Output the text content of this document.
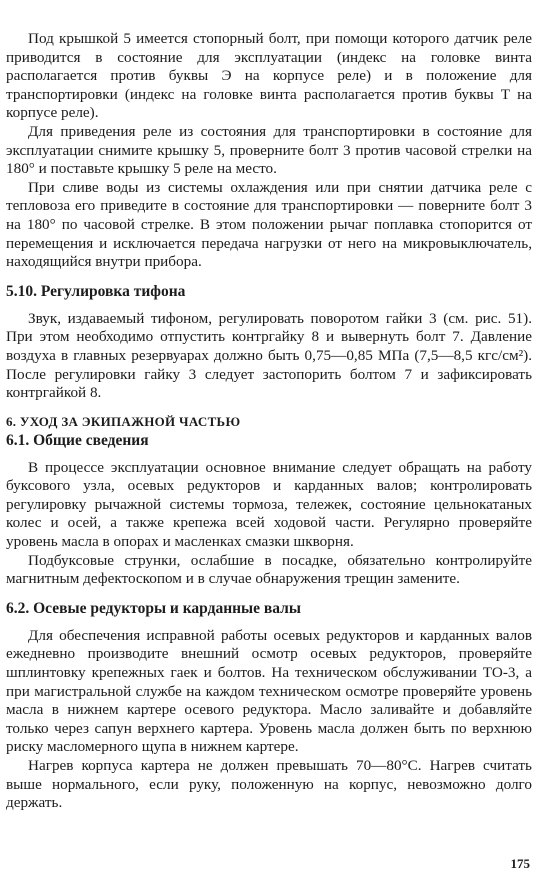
Под крышкой 5 имеется стопорный болт, при помощи которого датчик реле приводится в состояние для эксплуатации (индекс на головке винта располагается против буквы Э на корпусе реле) и в положение для транспортировки (индекс на головке винта располагается против буквы Т на корпусе реле).

Для приведения реле из состояния для транспортировки в состояние для эксплуатации снимите крышку 5, проверните болт 3 против часовой стрелки на 180° и поставьте крышку 5 реле на место.

При сливе воды из системы охлаждения или при снятии датчика реле с тепловоза его приведите в состояние для транспортировки — поверните болт 3 на 180° по часовой стрелке. В этом положении рычаг поплавка стопорится от перемещения и исключается передача нагрузки от него на микровыключатель, находящийся внутри прибора.

5.10. Регулировка тифона

Звук, издаваемый тифоном, регулировать поворотом гайки 3 (см. рис. 51). При этом необходимо отпустить контргайку 8 и вывернуть болт 7. Давление воздуха в главных резервуарах должно быть 0,75—0,85 МПа (7,5—8,5 кгс/см²). После регулировки гайку 3 следует застопорить болтом 7 и зафиксировать контргайкой 8.

6. УХОД ЗА ЭКИПАЖНОЙ ЧАСТЬЮ
6.1. Общие сведения

В процессе эксплуатации основное внимание следует обращать на работу буксового узла, осевых редукторов и карданных валов; контролировать регулировку рычажной системы тормоза, тележек, состояние цельнокатаных колес и осей, а также крепежа всей ходовой части. Регулярно проверяйте уровень масла в опорах и масленках смазки шкворня.

Подбуксовые струнки, ослабшие в посадке, обязательно контролируйте магнитным дефектоскопом и в случае обнаружения трещин замените.

6.2. Осевые редукторы и карданные валы

Для обеспечения исправной работы осевых редукторов и карданных валов ежедневно производите внешний осмотр осевых редукторов, проверяйте шплинтовку крепежных гаек и болтов. На техническом обслуживании ТО-3, а при магистральной службе на каждом техническом осмотре проверяйте уровень масла в нижнем картере осевого редуктора. Масло заливайте и добавляйте только через сапун верхнего картера. Уровень масла должен быть по верхнюю риску масломерного щупа в нижнем картере.

Нагрев корпуса картера не должен превышать 70—80°С. Нагрев считать выше нормального, если руку, положенную на корпус, невозможно долго держать.

175
